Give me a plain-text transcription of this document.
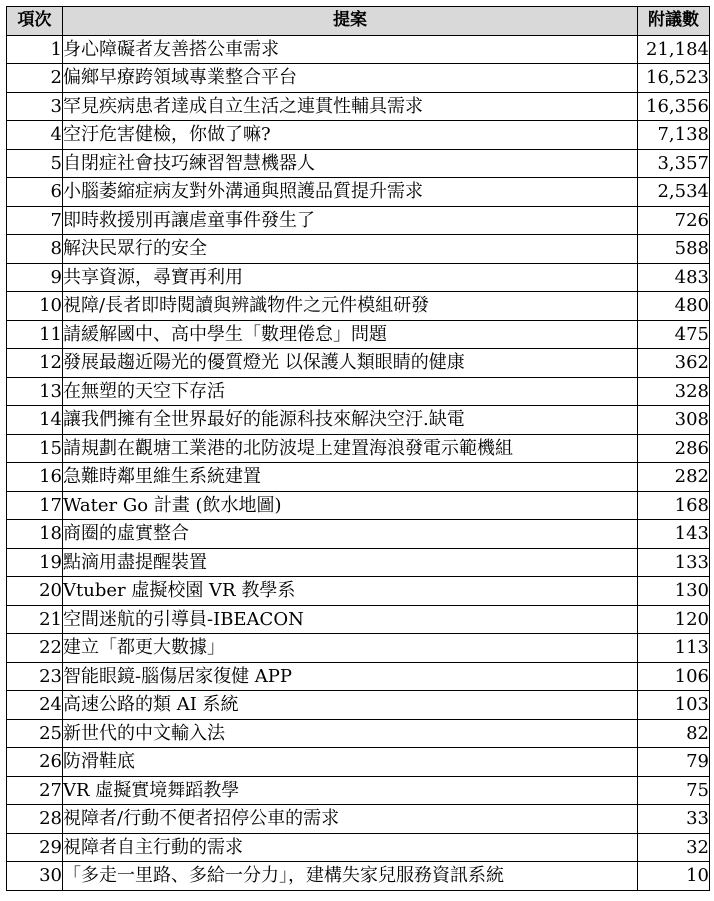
項次	提案	附議數
1	身心障礙者友善搭公車需求	21,184
2	偏鄉早療跨領域專業整合平台	16,523
3	罕見疾病患者達成自立生活之連貫性輔具需求	16,356
4	空汙危害健檢，你做了嘛?	7,138
5	自閉症社會技巧練習智慧機器人	3,357
6	小腦萎縮症病友對外溝通與照護品質提升需求	2,534
7	即時救援別再讓虐童事件發生了	726
8	解決民眾行的安全	588
9	共享資源，尋寶再利用	483
10	視障/長者即時閱讀與辨識物件之元件模組研發	480
11	請緩解國中、高中學生「數理倦怠」問題	475
12	發展最趨近陽光的優質燈光 以保護人類眼睛的健康	362
13	在無塑的天空下存活	328
14	讓我們擁有全世界最好的能源科技來解決空汙.缺電	308
15	請規劃在觀塘工業港的北防波堤上建置海浪發電示範機組	286
16	急難時鄰里維生系統建置	282
17	Water Go 計畫 (飲水地圖)	168
18	商圈的虛實整合	143
19	點滴用盡提醒裝置	133
20	Vtuber 虛擬校園 VR 教學系	130
21	空間迷航的引導員-IBEACON	120
22	建立「都更大數據」	113
23	智能眼鏡-腦傷居家復健 APP	106
24	高速公路的類 AI 系統	103
25	新世代的中文輸入法	82
26	防滑鞋底	79
27	VR 虛擬實境舞蹈教學	75
28	視障者/行動不便者招停公車的需求	33
29	視障者自主行動的需求	32
30	「多走一里路、多給一分力」，建構失家兒服務資訊系統	10
